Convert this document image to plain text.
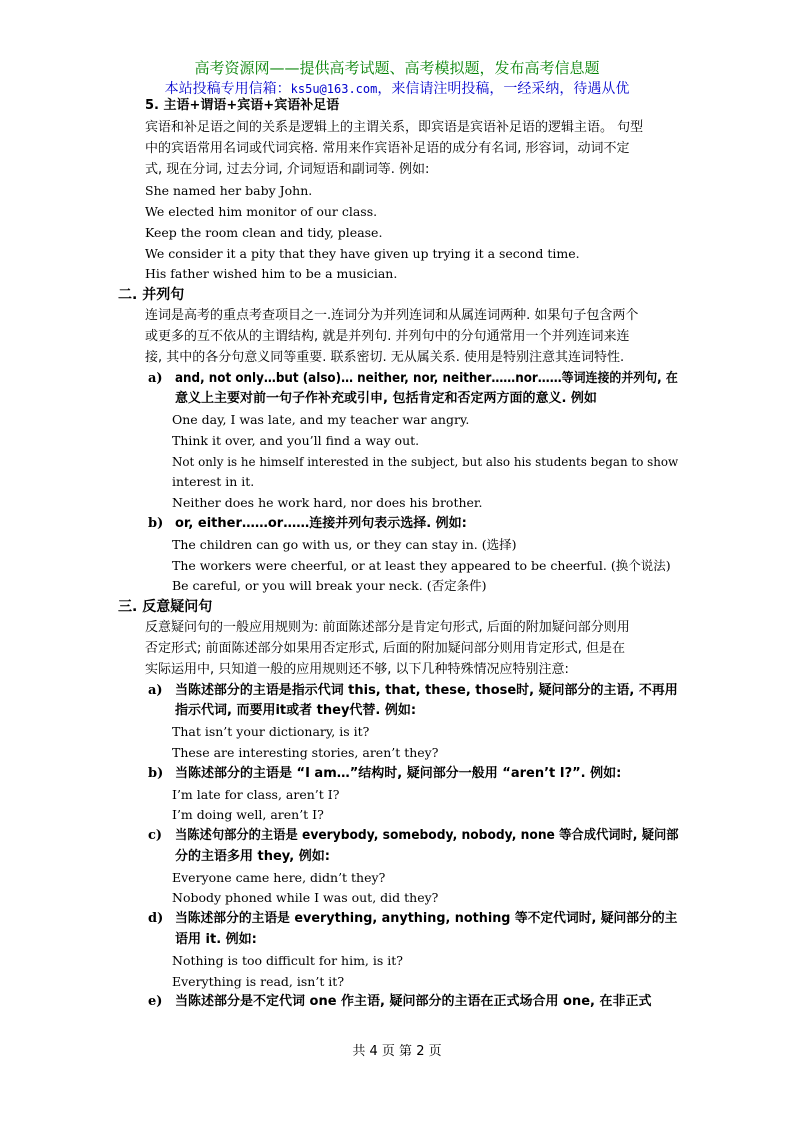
高考资源网——提供高考试题、高考模拟题，发布高考信息题
本站投稿专用信箱：ks5u@163.com，来信请注明投稿，一经采纳，待遇从优
5. 主语+谓语+宾语+宾语补足语
宾语和补足语之间的关系是逻辑上的主谓关系，即宾语是宾语补足语的逻辑主语。 句型
中的宾语常用名词或代词宾格. 常用来作宾语补足语的成分有名词, 形容词，动词不定
式, 现在分词, 过去分词, 介词短语和副词等. 例如:
She named her baby John.
We elected him monitor of our class.
Keep the room clean and tidy, please.
We consider it a pity that they have given up trying it a second time.
His father wished him to be a musician.
二. 并列句
连词是高考的重点考查项目之一.连词分为并列连词和从属连词两种. 如果句子包含两个
或更多的互不依从的主谓结构, 就是并列句. 并列句中的分句通常用一个并列连词来连
接, 其中的各分句意义同等重要. 联系密切. 无从属关系. 使用是特别注意其连词特性.
a) and, not only…but (also)… neither, nor, neither……nor……等词连接的并列句, 在
意义上主要对前一句子作补充或引申, 包括肯定和否定两方面的意义. 例如
One day, I was late, and my teacher war angry.
Think it over, and you’ll find a way out.
Not only is he himself interested in the subject, but also his students began to show
interest in it.
Neither does he work hard, nor does his brother.
b) or, either……or……连接并列句表示选择. 例如:
The children can go with us, or they can stay in. (选择)
The workers were cheerful, or at least they appeared to be cheerful. (换个说法)
Be careful, or you will break your neck. (否定条件)
三. 反意疑问句
反意疑问句的一般应用规则为: 前面陈述部分是肯定句形式, 后面的附加疑问部分则用
否定形式; 前面陈述部分如果用否定形式, 后面的附加疑问部分则用肯定形式, 但是在
实际运用中, 只知道一般的应用规则还不够, 以下几种特殊情况应特别注意:
a) 当陈述部分的主语是指示代词 this, that, these, those时, 疑问部分的主语, 不再用
指示代词, 而要用it或者 they代替. 例如:
That isn’t your dictionary, is it?
These are interesting stories, aren’t they?
b) 当陈述部分的主语是 “I am…”结构时, 疑问部分一般用 “aren’t I?”. 例如:
I’m late for class, aren’t I?
I’m doing well, aren’t I?
c) 当陈述句部分的主语是 everybody, somebody, nobody, none 等合成代词时, 疑问部
分的主语多用 they, 例如:
Everyone came here, didn’t they?
Nobody phoned while I was out, did they?
d) 当陈述部分的主语是 everything, anything, nothing 等不定代词时, 疑问部分的主
语用 it. 例如:
Nothing is too difficult for him, is it?
Everything is read, isn’t it?
e) 当陈述部分是不定代词 one 作主语, 疑问部分的主语在正式场合用 one, 在非正式
共 4 页 第 2 页
